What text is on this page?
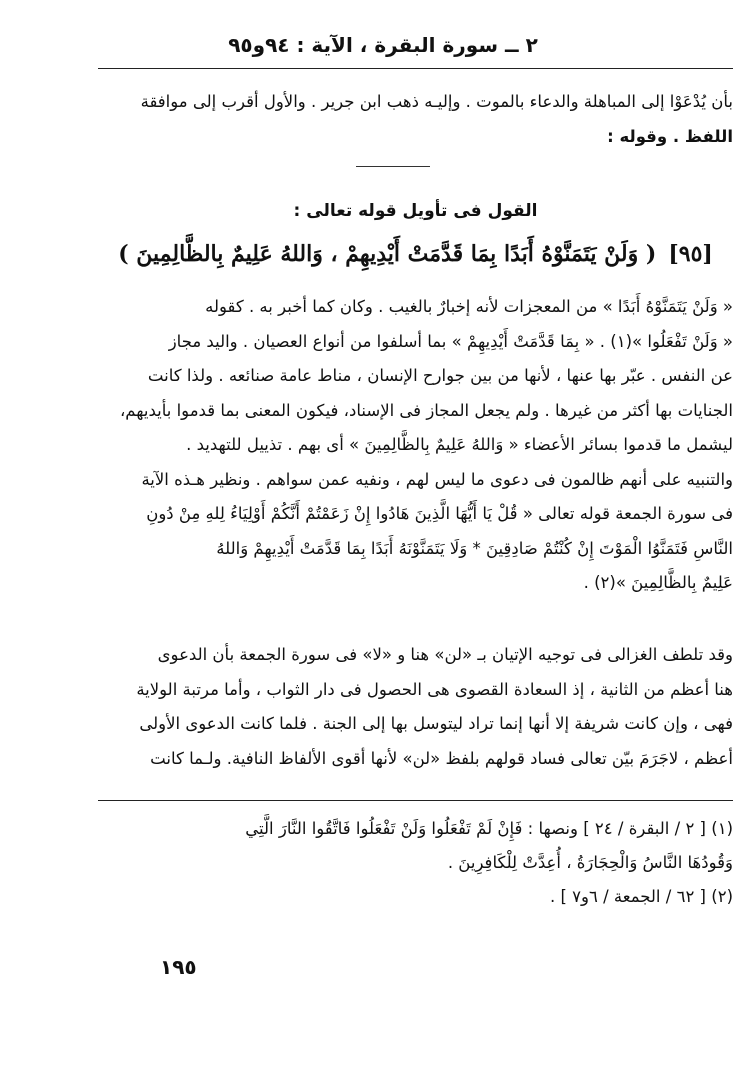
٢ ــ سورة البقرة ، الآية : ٩٤و٩٥

بأن يُدْعَوْا إلى المباهلة والدعاء بالموت . وإليـه ذهب ابن جرير . والأول أقرب إلى موافقة

اللفظ . وقوله :

القول فى تأويل قوله تعالى :
[٩٥]
( وَلَنْ يَتَمَنَّوْهُ أَبَدًا بِمَا قَدَّمَتْ أَيْدِيهِمْ ، وَاللهُ عَلِيمٌ بِالظَّالِمِينَ )

« وَلَنْ يَتَمَنَّوْهُ أَبَدًا » من المعجزات لأنه إخبارٌ بالغيب . وكان كما أخبر به . كقوله

« وَلَنْ تَفْعَلُوا »(١) . « بِمَا قَدَّمَتْ أَيْدِيهِمْ » بما أسلفوا من أنواع العصيان . واليد مجاز

عن النفس . عبّر بها عنها ، لأنها من بين جوارح الإنسان ، مناط عامة صنائعه . ولذا كانت

الجنايات بها أكثر من غيرها . ولم يجعل المجاز فى الإسناد، فيكون المعنى بما قدموا بأيديهم،

ليشمل ما قدموا بسائر الأعضاء « وَاللهُ عَلِيمٌ بِالظَّالِمِينَ » أى بهم . تذييل للتهديد .

والتنبيه على أنهم ظالمون فى دعوى ما ليس لهم ، ونفيه عمن سواهم . ونظير هـذه الآية

فى سورة الجمعة قوله تعالى « قُلْ يَا أَيُّهَا الَّذِينَ هَادُوا إِنْ زَعَمْتُمْ أَنَّكُمْ أَوْلِيَاءُ لِلهِ مِنْ دُونِ

النَّاسِ فَتَمَنَّوُا الْمَوْتَ إِنْ كُنْتُمْ صَادِقِينَ * وَلَا يَتَمَنَّوْنَهُ أَبَدًا بِمَا قَدَّمَتْ أَيْدِيهِمْ وَاللهُ

عَلِيمٌ بِالظَّالِمِينَ »(٢) .

وقد تلطف الغزالى فى توجيه الإتيان بـ «لن» هنا و «لا» فى سورة الجمعة بأن الدعوى

هنا أعظم من الثانية ، إذ السعادة القصوى هى الحصول فى دار الثواب ، وأما مرتبة الولاية

فهى ، وإن كانت شريفة إلا أنها إنما تراد ليتوسل بها إلى الجنة . فلما كانت الدعوى الأولى

أعظم ، لاجَرَمَ بيّن تعالى فساد قولهم بلفظ «لن» لأنها أقوى الألفاظ النافية. ولـما كانت

(١) [ ٢ / البقرة / ٢٤ ] ونصها : فَإِنْ لَمْ تَفْعَلُوا وَلَنْ تَفْعَلُوا فَاتَّقُوا النَّارَ الَّتِي

وَقُودُهَا النَّاسُ وَالْحِجَارَةُ ، أُعِدَّتْ لِلْكَافِرِينَ .

(٢) [ ٦٢ / الجمعة / ٦و٧ ] .

١٩٥
